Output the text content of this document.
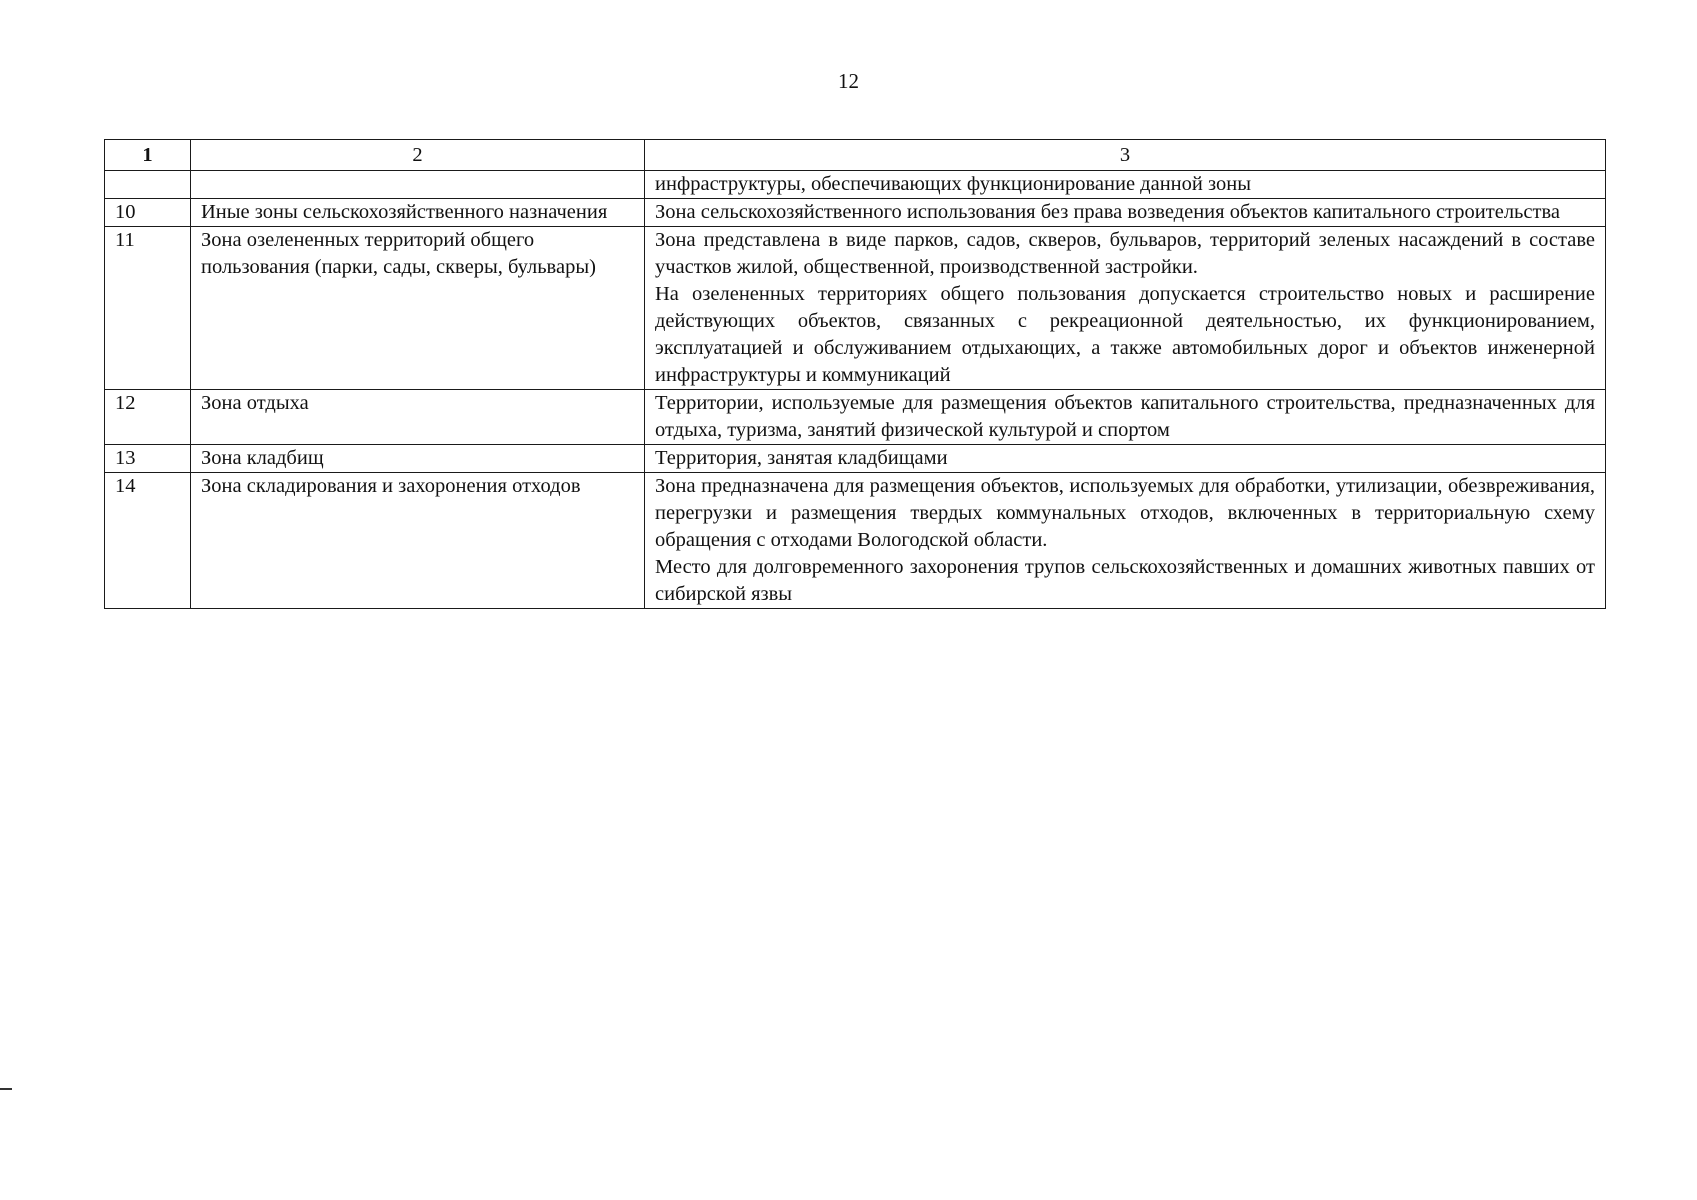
12
1	2	3

		инфраструктуры, обеспечивающих функционирование данной зоны

10	Иные зоны сельскохозяйственного назначения	Зона сельскохозяйственного использования без права возведения объектов капитального строительства

11	Зона озелененных территорий общего пользования (парки, сады, скверы, бульвары)	Зона представлена в виде парков, садов, скверов, бульваров, территорий зеленых насаждений в составе участков жилой, общественной, производственной застройки.

На озелененных территориях общего пользования допускается строительство новых и расширение действующих объектов, связанных с рекреационной деятельностью, их функционированием, эксплуатацией и обслуживанием отдыхающих, а также автомобильных дорог и объектов инженерной инфраструктуры и коммуникаций

12	Зона отдыха	Территории, используемые для размещения объектов капитального строительства, предназначенных для отдыха, туризма, занятий физической культурой и спортом

13	Зона кладбищ	Территория, занятая кладбищами

14	Зона складирования и захоронения отходов	Зона предназначена для размещения объектов, используемых для обработки, утилизации, обезвреживания, перегрузки и размещения твердых коммунальных отходов, включенных в территориальную схему обращения с отходами Вологодской области.

Место для долговременного захоронения трупов сельскохозяйственных и домашних животных павших от сибирской язвы
